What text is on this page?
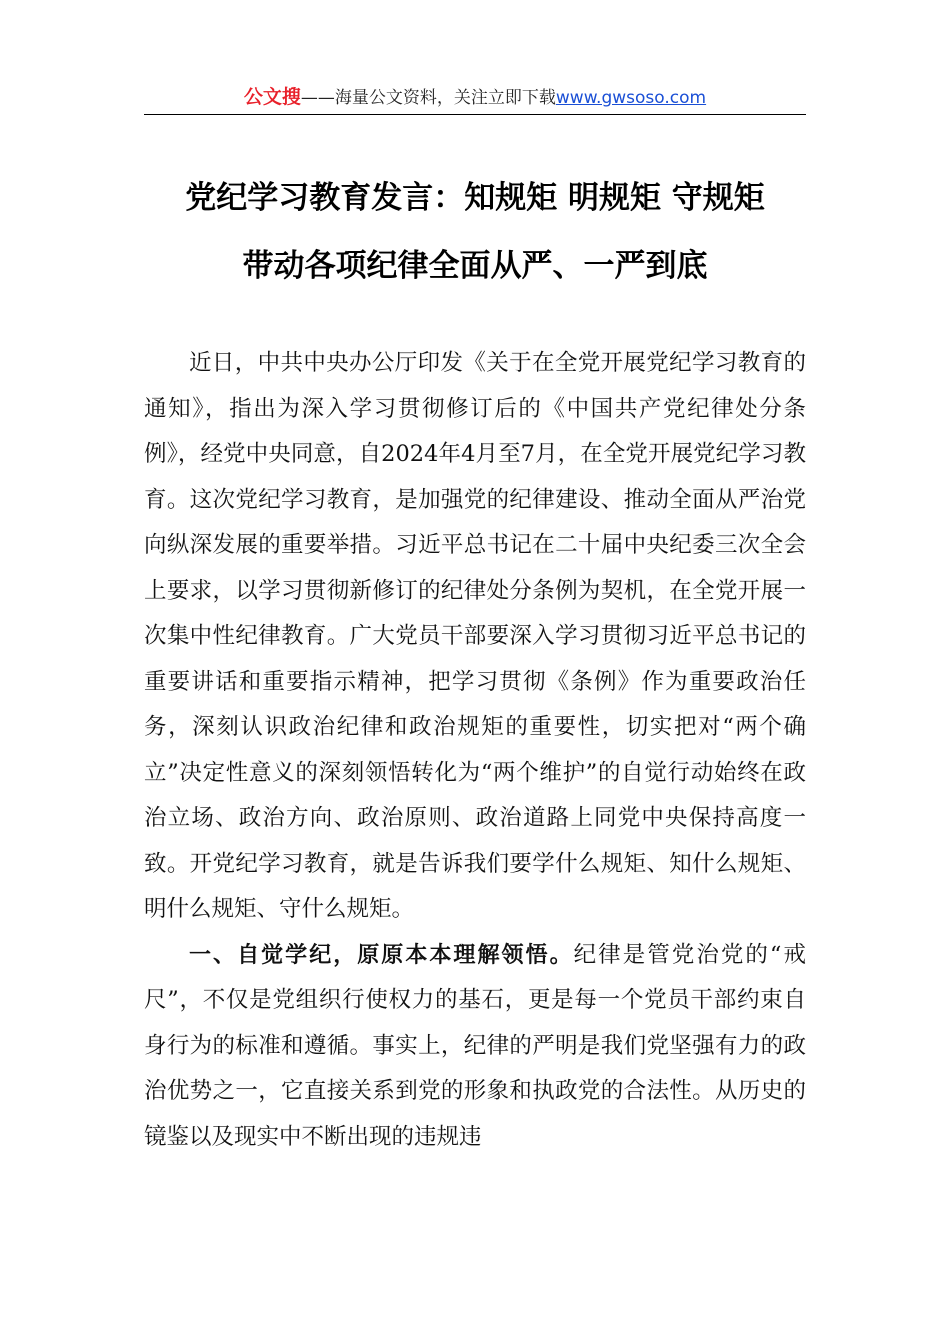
公文搜——海量公文资料，关注立即下载www.gwsoso.com
党纪学习教育发言：知规矩 明规矩 守规矩
带动各项纪律全面从严、一严到底

近日，中共中央办公厅印发《关于在全党开展党纪学习教育的通知》，指出为深入学习贯彻修订后的《中国共产党纪律处分条例》，经党中央同意，自2024年4月至7月，在全党开展党纪学习教育。这次党纪学习教育，是加强党的纪律建设、推动全面从严治党向纵深发展的重要举措。习近平总书记在二十届中央纪委三次全会上要求，以学习贯彻新修订的纪律处分条例为契机，在全党开展一次集中性纪律教育。广大党员干部要深入学习贯彻习近平总书记的重要讲话和重要指示精神，把学习贯彻《条例》作为重要政治任务，深刻认识政治纪律和政治规矩的重要性，切实把对“两个确立”决定性意义的深刻领悟转化为“两个维护”的自觉行动始终在政治立场、政治方向、政治原则、政治道路上同党中央保持高度一致。开党纪学习教育，就是告诉我们要学什么规矩、知什么规矩、明什么规矩、守什么规矩。

一、自觉学纪，原原本本理解领悟。纪律是管党治党的“戒尺”，不仅是党组织行使权力的基石，更是每一个党员干部约束自身行为的标准和遵循。事实上，纪律的严明是我们党坚强有力的政治优势之一，它直接关系到党的形象和执政党的合法性。从历史的镜鉴以及现实中不断出现的违规违
